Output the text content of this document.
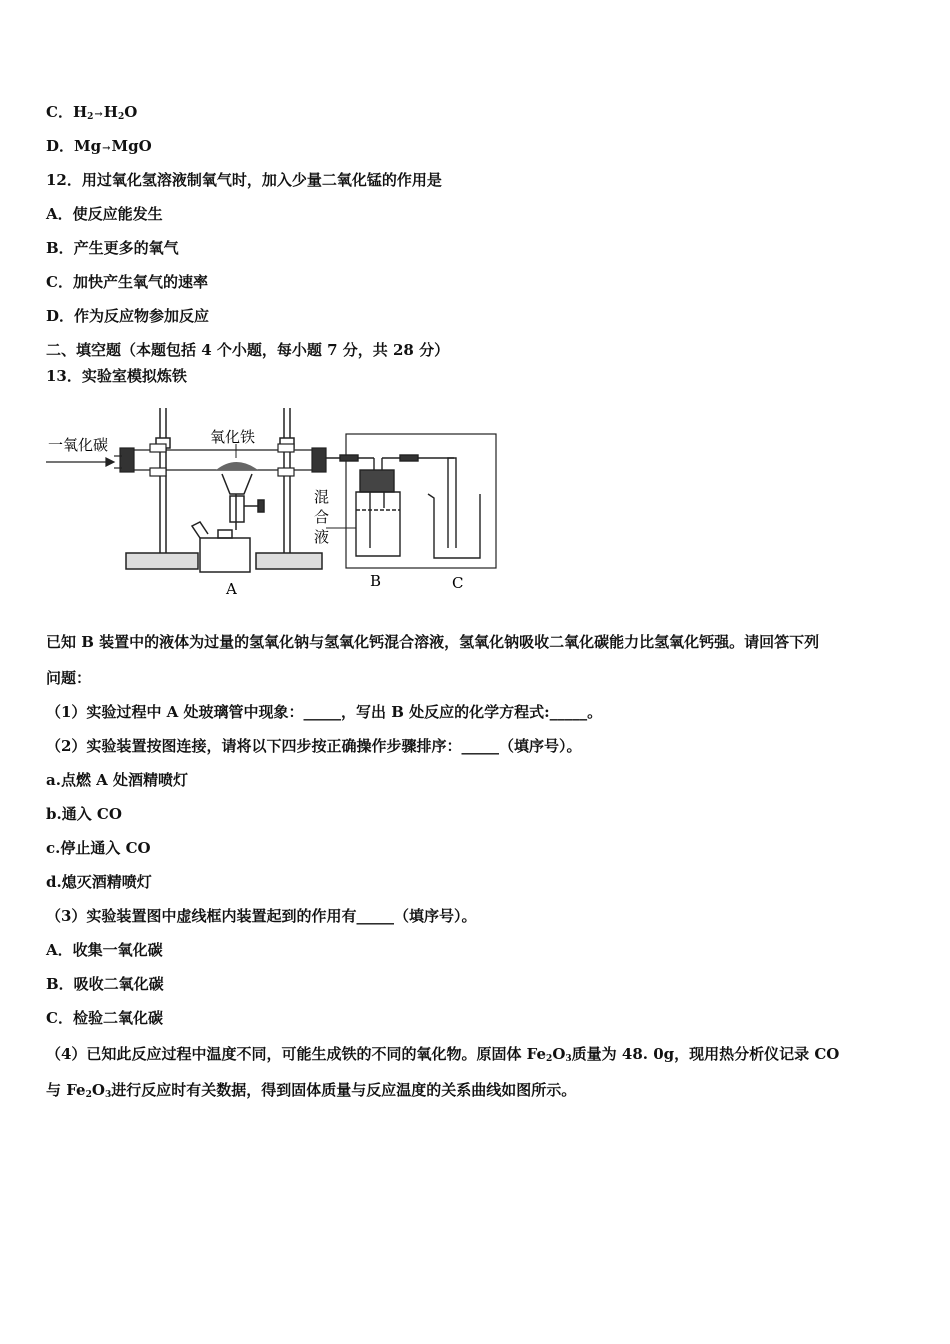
C．$H_2\to H_2O$
D．Mg→MgO
12．用过氧化氢溶液制氧气时，加入少量二氧化锰的作用是
A．使反应能发生
B．产生更多的氧气
C．加快产生氧气的速率
D．作为反应物参加反应
二、填空题（本题包括 4 个小题，每小题 7 分，共 28 分）
13．实验室模拟炼铁
一氧化碳	氧化铁
混
合
液
A	B	C
已知 B 装置中的液体为过量的氢氧化钠与氢氧化钙混合溶液，氢氧化钠吸收二氧化碳能力比氢氧化钙强。请回答下列
问题：
（1）实验过程中 A 处玻璃管中现象：_____，写出 B 处反应的化学方程式:_____。
（2）实验装置按图连接，请将以下四步按正确操作步骤排序：_____（填序号）。
a.点燃 A 处酒精喷灯
b.通入 CO
c.停止通入 CO
d.熄灭酒精喷灯
（3）实验装置图中虚线框内装置起到的作用有_____（填序号）。
A．收集一氧化碳
B．吸收二氧化碳
C．检验二氧化碳
（4）已知此反应过程中温度不同，可能生成铁的不同的氧化物。原固体 $Fe_2O_3$质量为 48. 0g，现用热分析仪记录 CO
与 $Fe_2O_3$进行反应时有关数据，得到固体质量与反应温度的关系曲线如图所示。
